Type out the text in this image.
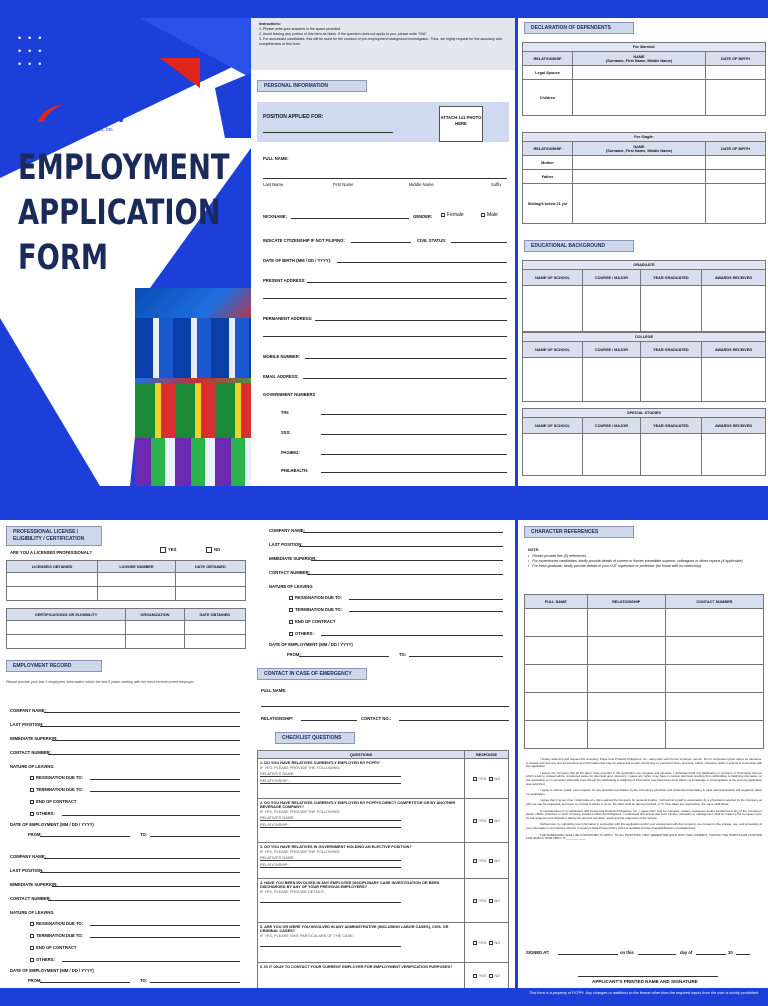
•••
•••
•••
PCPPI
Pepsi-Cola Products Philippines, Inc.
EMPLOYMENT
APPLICATION
FORM
Instructions:
1. Please write your answers in the space provided.
2. Avoid leaving any portion of this form as blank. If the question does not apply to you, please write "N/A".
3. For successful candidates, this will be used for the conduct of pre-employment background investigation. Thus, we highly request for the accuracy and completeness of this form.
PERSONAL INFORMATION
POSITION APPLIED FOR:	ATTACH 1x1 PHOTO HERE
FULL NAME:
Last Name	First Name	Middle Name	Suffix
NICKNAME:	GENDER:	Female	Male
INDICATE CITIZENSHIP IF NOT FILIPINO:	CIVIL STATUS:
DATE OF BIRTH (MM / DD / YYYY):
PRESENT ADDRESS:
PERMANENT ADDRESS:
MOBILE NUMBER:
EMAIL ADDRESS:
GOVERNMENT NUMBERS
TIN:
SSS:
PAGIBIG:
PHILHEALTH:
DECLARATION OF DEPENDENTS
For Married:		
RELATIONSHIP	NAME
(Surname, First Name, Middle Name)	DATE OF BIRTH
Legal Spouse		
Children		
For Single:		
RELATIONSHIP	NAME
(Surname, First Name, Middle Name)	DATE OF BIRTH
Mother		
Father		
Sibling/s below 21 y/o		
EDUCATIONAL BACKGROUND
GRADUATE			
NAME OF SCHOOL	COURSE / MAJOR	YEAR GRADUATED	AWARDS RECEIVED

COLLEGE			
NAME OF SCHOOL	COURSE / MAJOR	YEAR GRADUATED	AWARDS RECEIVED

SPECIAL STUDIES			
NAME OF SCHOOL	COURSE / MAJOR	YEAR GRADUATED	AWARDS RECEIVED

PROFESSIONAL LICENSE / ELIGIBILITY / CERTIFICATION
ARE YOU A LICENSED PROFESSIONAL?
YES	NO
LICENSE/S OBTAINED	LICENSE NUMBER	DATE OBTAINED

CERTIFICATION/S OR ELIGIBILITY	ORGANIZATION	DATE OBTAINED

EMPLOYMENT RECORD
Please provide your last 3 employers' information within the last 5 years starting with the most recent/current employer.
COMPANY NAME:
LAST POSITION:
IMMEDIATE SUPERIOR:
CONTACT NUMBER:
NATURE OF LEAVING
RESIGNATION DUE TO:
TERMINATION DUE TO:
END OF CONTRACT
OTHERS:
DATE OF EMPLOYMENT (MM / DD / YYYY)
FROM:	TO:
COMPANY NAME:
LAST POSITION:
IMMEDIATE SUPERIOR:
CONTACT NUMBER:
NATURE OF LEAVING
RESIGNATION DUE TO:
TERMINATION DUE TO:
END OF CONTRACT
OTHERS:
DATE OF EMPLOYMENT (MM / DD / YYYY)
FROM:	TO:
COMPANY NAME:
LAST POSITION:
IMMEDIATE SUPERIOR:
CONTACT NUMBER:
NATURE OF LEAVING
RESIGNATION DUE TO:
TERMINATION DUE TO:
END OF CONTRACT
OTHERS:
DATE OF EMPLOYMENT (MM / DD / YYYY)
FROM:	TO:
CONTACT IN CASE OF EMERGENCY
FULL NAME:
RELATIONSHIP:	CONTACT NO.:
CHECKLIST QUESTIONS
QUESTIONS	RESPONSE

1. DO YOU HAVE RELATIVES CURRENTLY EMPLOYED BY PCPPI?
IF YES, PLEASE PROVIDE THE FOLLOWING:
RELATIVE'S NAME:
RELATIONSHIP:	YES NO

2. DO YOU HAVE RELATIVES CURRENTLY EMPLOYED BY PCPPI'S DIRECT COMPETITOR OR BY ANOTHER BEVERAGE COMPANY?
IF YES, PLEASE PROVIDE THE FOLLOWING:
RELATIVE'S NAME:
RELATIONSHIP:	YES NO

3. DO YOU HAVE RELATIVES IN GOVERNMENT HOLDING AN ELECTIVE POSITION?
IF YES, PLEASE PROVIDE THE FOLLOWING:
RELATIVE'S NAME:
RELATIONSHIP:	YES NO

4. HAVE YOU BEEN INVOLVED IN ANY EMPLOYEE DISCIPLINARY CASE INVESTIGATION OR BEEN DISCHARGED BY ANY OF YOUR PREVIOUS EMPLOYERS?
IF YES, PLEASE PROVIDE DETAILS.	YES NO

5. ARE YOU OR WERE YOU INVOLVED IN ANY ADMINISTRATIVE (INCLUDING LABOR CASES), CIVIL OR CRIMINAL CASES?
IF YES, PLEASE GIVE PARTICULARS OF THE CASE:	YES NO

6. IS IT OKAY TO CONTACT YOUR CURRENT EMPLOYER FOR EMPLOYMENT VERIFICATION PURPOSES?	YES NO
CHARACTER REFERENCES
NOTE:
•   Please provide five (5) references.
•   For experienced candidates, kindly provide details of current or former immediate superior, colleagues or direct reports (if applicable)
•   For fresh graduate, kindly provide details of your OJT supervisor or professor (for those with no internship)
FULL NAME	RELATIONSHIP	CONTACT NUMBER

I hereby authorize and request this Company, Pepsi-Cola Products Philippines, Inc., along with such former employer, person, firm or corporation given above as reference, to answer and give any and all questions and information that may be asked and sought concerning my personal history and work, habits, character, skills or actions in connection with this application.

I assure the Company that all the data I have provided in this application are complete and accurate. I understand that any falsification or omission of information thereon which tends to mislead will be considered cause for dismissal upon discovery. I waive any rights I may have to contest dismissal resulting from withholding or falsifying information on this application or in connection therewith even though the withholding or falsifying of information may have been done within my knowledge or contemplation at the time the application was submitted.

I agree to submit myself, upon request, for any physical examination by the Company's physician and understand that failing to pass said examination will negatively affect my application.

I agree that, if at any time I shall make any claim against the Company for personal injuries, I will submit myself to examination by a physician/s selected by the Company as often as may be requested, and upon my refusal or failure to do so, the claim shall be deemed waived, or if I have taken any legal action, the same shall abate.

In consideration of my application with Pepsi-Cola Products Philippines, Inc., I agree that I may be relocated, rotated, reassigned and/or transferred to any of the Company's plants, offices, branches or other company locations within the Philippines. I understand and accept that such transfer, relocation or reassignment shall be made by the Company upon its sole judgment and discretion, taking into account operation needs and the exigencies of the service.

Furthermore, by submitting your information in connection with this application and/or your employment with the Company, you consent to the storage, use, and processing of your information in accordance with the Company's Data Privacy Policy which is available at https://pepsiphilippines.com/dataprivacy.

THE FOREGOING SHALL BE CONSTRUED TO APPLY TO ALL POSITIONS I MAY HEREAFTER HOLD WITH THE COMPANY, THOUGH THE PARTICULAR POSITION FOR WHICH I NOW APPLY IS ____________

SIGNED AT:	on this	day of	20
APPLICANT'S PRINTED NAME AND SIGNATURE
This form is a property of PCPPI. Any changes or additions to the format other than the required inputs from the user is strictly prohibited.
